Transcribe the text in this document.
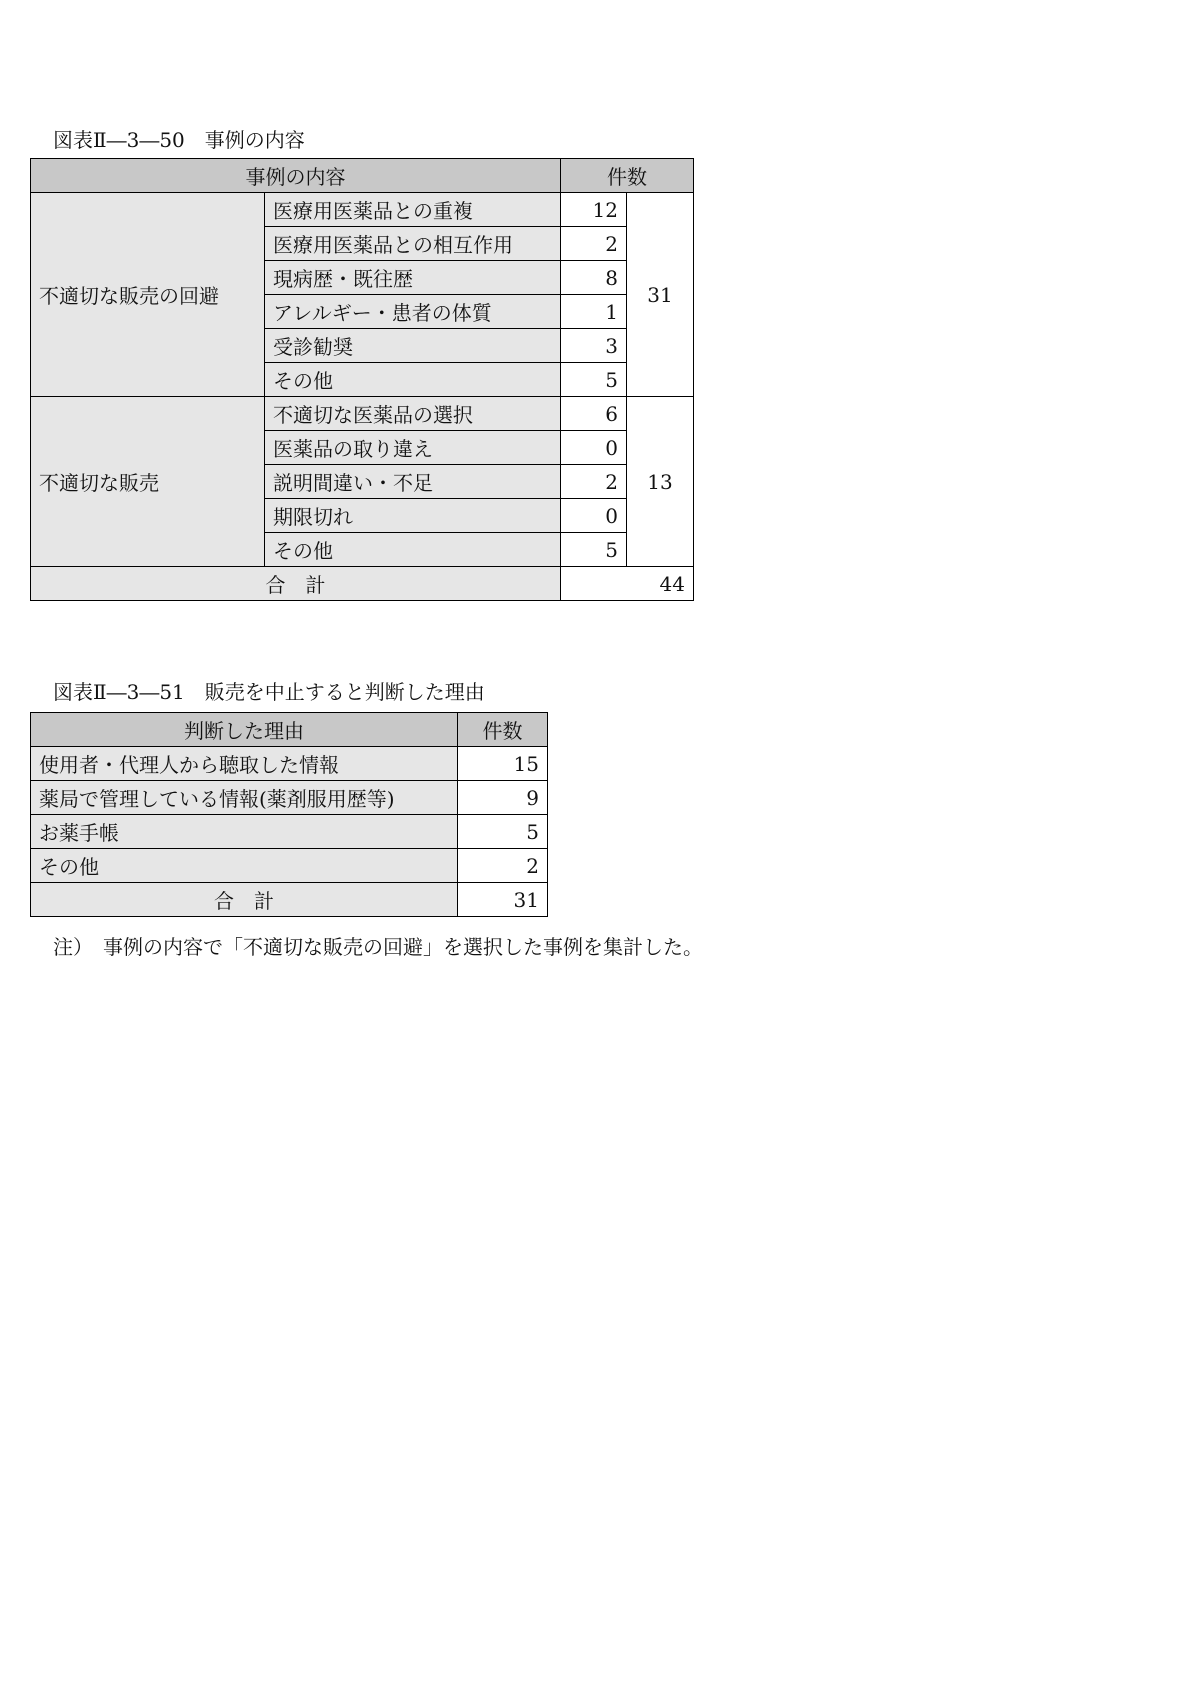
図表Ⅱ―3―50　事例の内容
事例の内容		件数	
不適切な販売の回避	医療用医薬品との重複	12	31
	医療用医薬品との相互作用	2	
	現病歴・既往歴	8	
	アレルギー・患者の体質	1	
	受診勧奨	3	
	その他	5	
不適切な販売	不適切な医薬品の選択	6	13
	医薬品の取り違え	0	
	説明間違い・不足	2	
	期限切れ	0	
	その他	5	
合　計		44	
図表Ⅱ―3―51　販売を中止すると判断した理由
判断した理由	件数
使用者・代理人から聴取した情報	15
薬局で管理している情報(薬剤服用歴等)	9
お薬手帳	5
その他	2
合　計	31
注）　事例の内容で「不適切な販売の回避」を選択した事例を集計した。
